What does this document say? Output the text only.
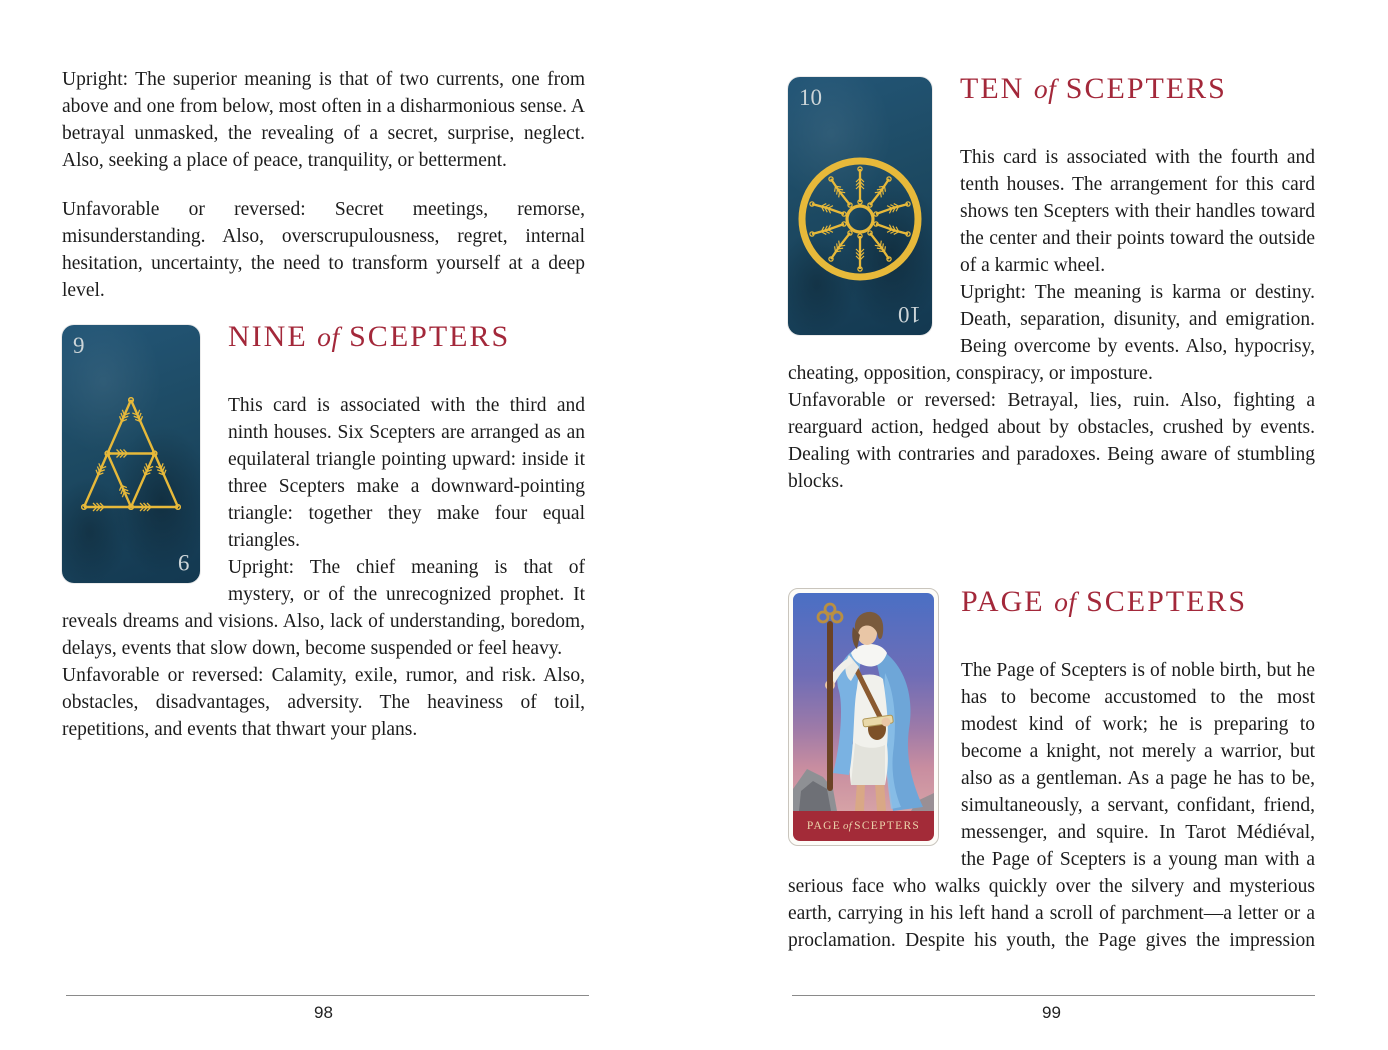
Upright: The superior meaning is that of two currents, one from above and one from below, most often in a disharmonious sense. A betrayal unmasked, the revealing of a secret, surprise, neglect. Also, seeking a place of peace, tranquility, or betterment.

Unfavorable or reversed: Secret meetings, remorse, misunderstanding. Also, overscrupulousness, regret, internal hesitation, uncertainty, the need to transform yourself at a deep level.

9
9
NINE of SCEPTERS

This card is associated with the third and ninth houses. Six Scepters are arranged as an equilateral triangle pointing upward: inside it three Scepters make a downward-pointing triangle: together they make four equal triangles.

Upright: The chief meaning is that of mystery, or of the unrecognized prophet. It reveals dreams and visions. Also, lack of understanding, boredom, delays, events that slow down, become suspended or feel heavy.

Unfavorable or reversed: Calamity, exile, rumor, and risk. Also, obstacles, disadvantages, adversity. The heaviness of toil, repetitions, and events that thwart your plans.

98
10
10
TEN of SCEPTERS

This card is associated with the fourth and tenth houses. The arrangement for this card shows ten Scepters with their handles toward the center and their points toward the outside of a karmic wheel.

Upright: The meaning is karma or destiny. Death, separation, disunity, and emigration. Being overcome by events. Also, hypocrisy, cheating, opposition, conspiracy, or imposture.

Unfavorable or reversed: Betrayal, lies, ruin. Also, fighting a rearguard action, hedged about by obstacles, crushed by events. Dealing with contraries and paradoxes. Being aware of stumbling blocks.

PAGE of SCEPTERS
PAGE of SCEPTERS

The Page of Scepters is of noble birth, but he has to become accustomed to the most modest kind of work; he is preparing to become a knight, not merely a warrior, but also as a gentleman. As a page he has to be, simultaneously, a servant, confidant, friend, messenger, and squire. In Tarot Médiéval, the Page of Scepters is a young man with a serious face who walks quickly over the silvery and mysterious earth, carrying in his left hand a scroll of parchment—a letter or a proclamation. Despite his youth, the Page gives the impression

99
